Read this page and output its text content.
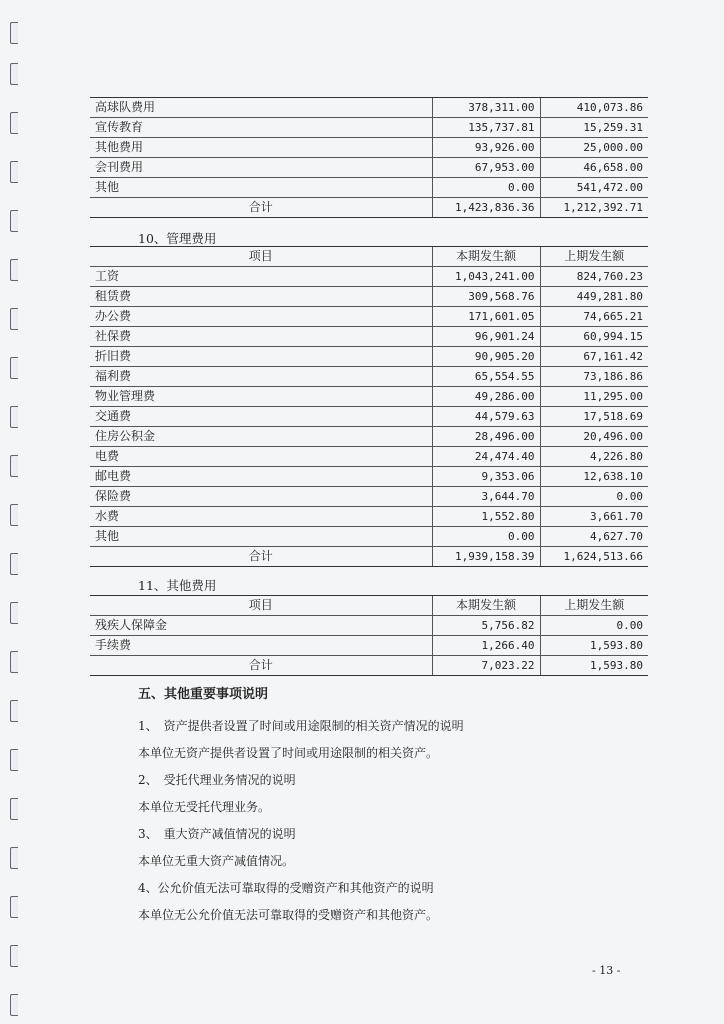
高球队费用	378,311.00	410,073.86
宣传教育	135,737.81	15,259.31
其他费用	93,926.00	25,000.00
会刊费用	67,953.00	46,658.00
其他	0.00	541,472.00
合计	1,423,836.36	1,212,392.71
10、管理费用
项目	本期发生额	上期发生额
工资	1,043,241.00	824,760.23
租赁费	309,568.76	449,281.80
办公费	171,601.05	74,665.21
社保费	96,901.24	60,994.15
折旧费	90,905.20	67,161.42
福利费	65,554.55	73,186.86
物业管理费	49,286.00	11,295.00
交通费	44,579.63	17,518.69
住房公积金	28,496.00	20,496.00
电费	24,474.40	4,226.80
邮电费	9,353.06	12,638.10
保险费	3,644.70	0.00
水费	1,552.80	3,661.70
其他	0.00	4,627.70
合计	1,939,158.39	1,624,513.66
11、其他费用
项目	本期发生额	上期发生额
残疾人保障金	5,756.82	0.00
手续费	1,266.40	1,593.80
合计	7,023.22	1,593.80
五、其他重要事项说明
1、　资产提供者设置了时间或用途限制的相关资产情况的说明
本单位无资产提供者设置了时间或用途限制的相关资产。
2、　受托代理业务情况的说明
本单位无受托代理业务。
3、　重大资产减值情况的说明
本单位无重大资产减值情况。
4、公允价值无法可靠取得的受赠资产和其他资产的说明
本单位无公允价值无法可靠取得的受赠资产和其他资产。
- 13 -
